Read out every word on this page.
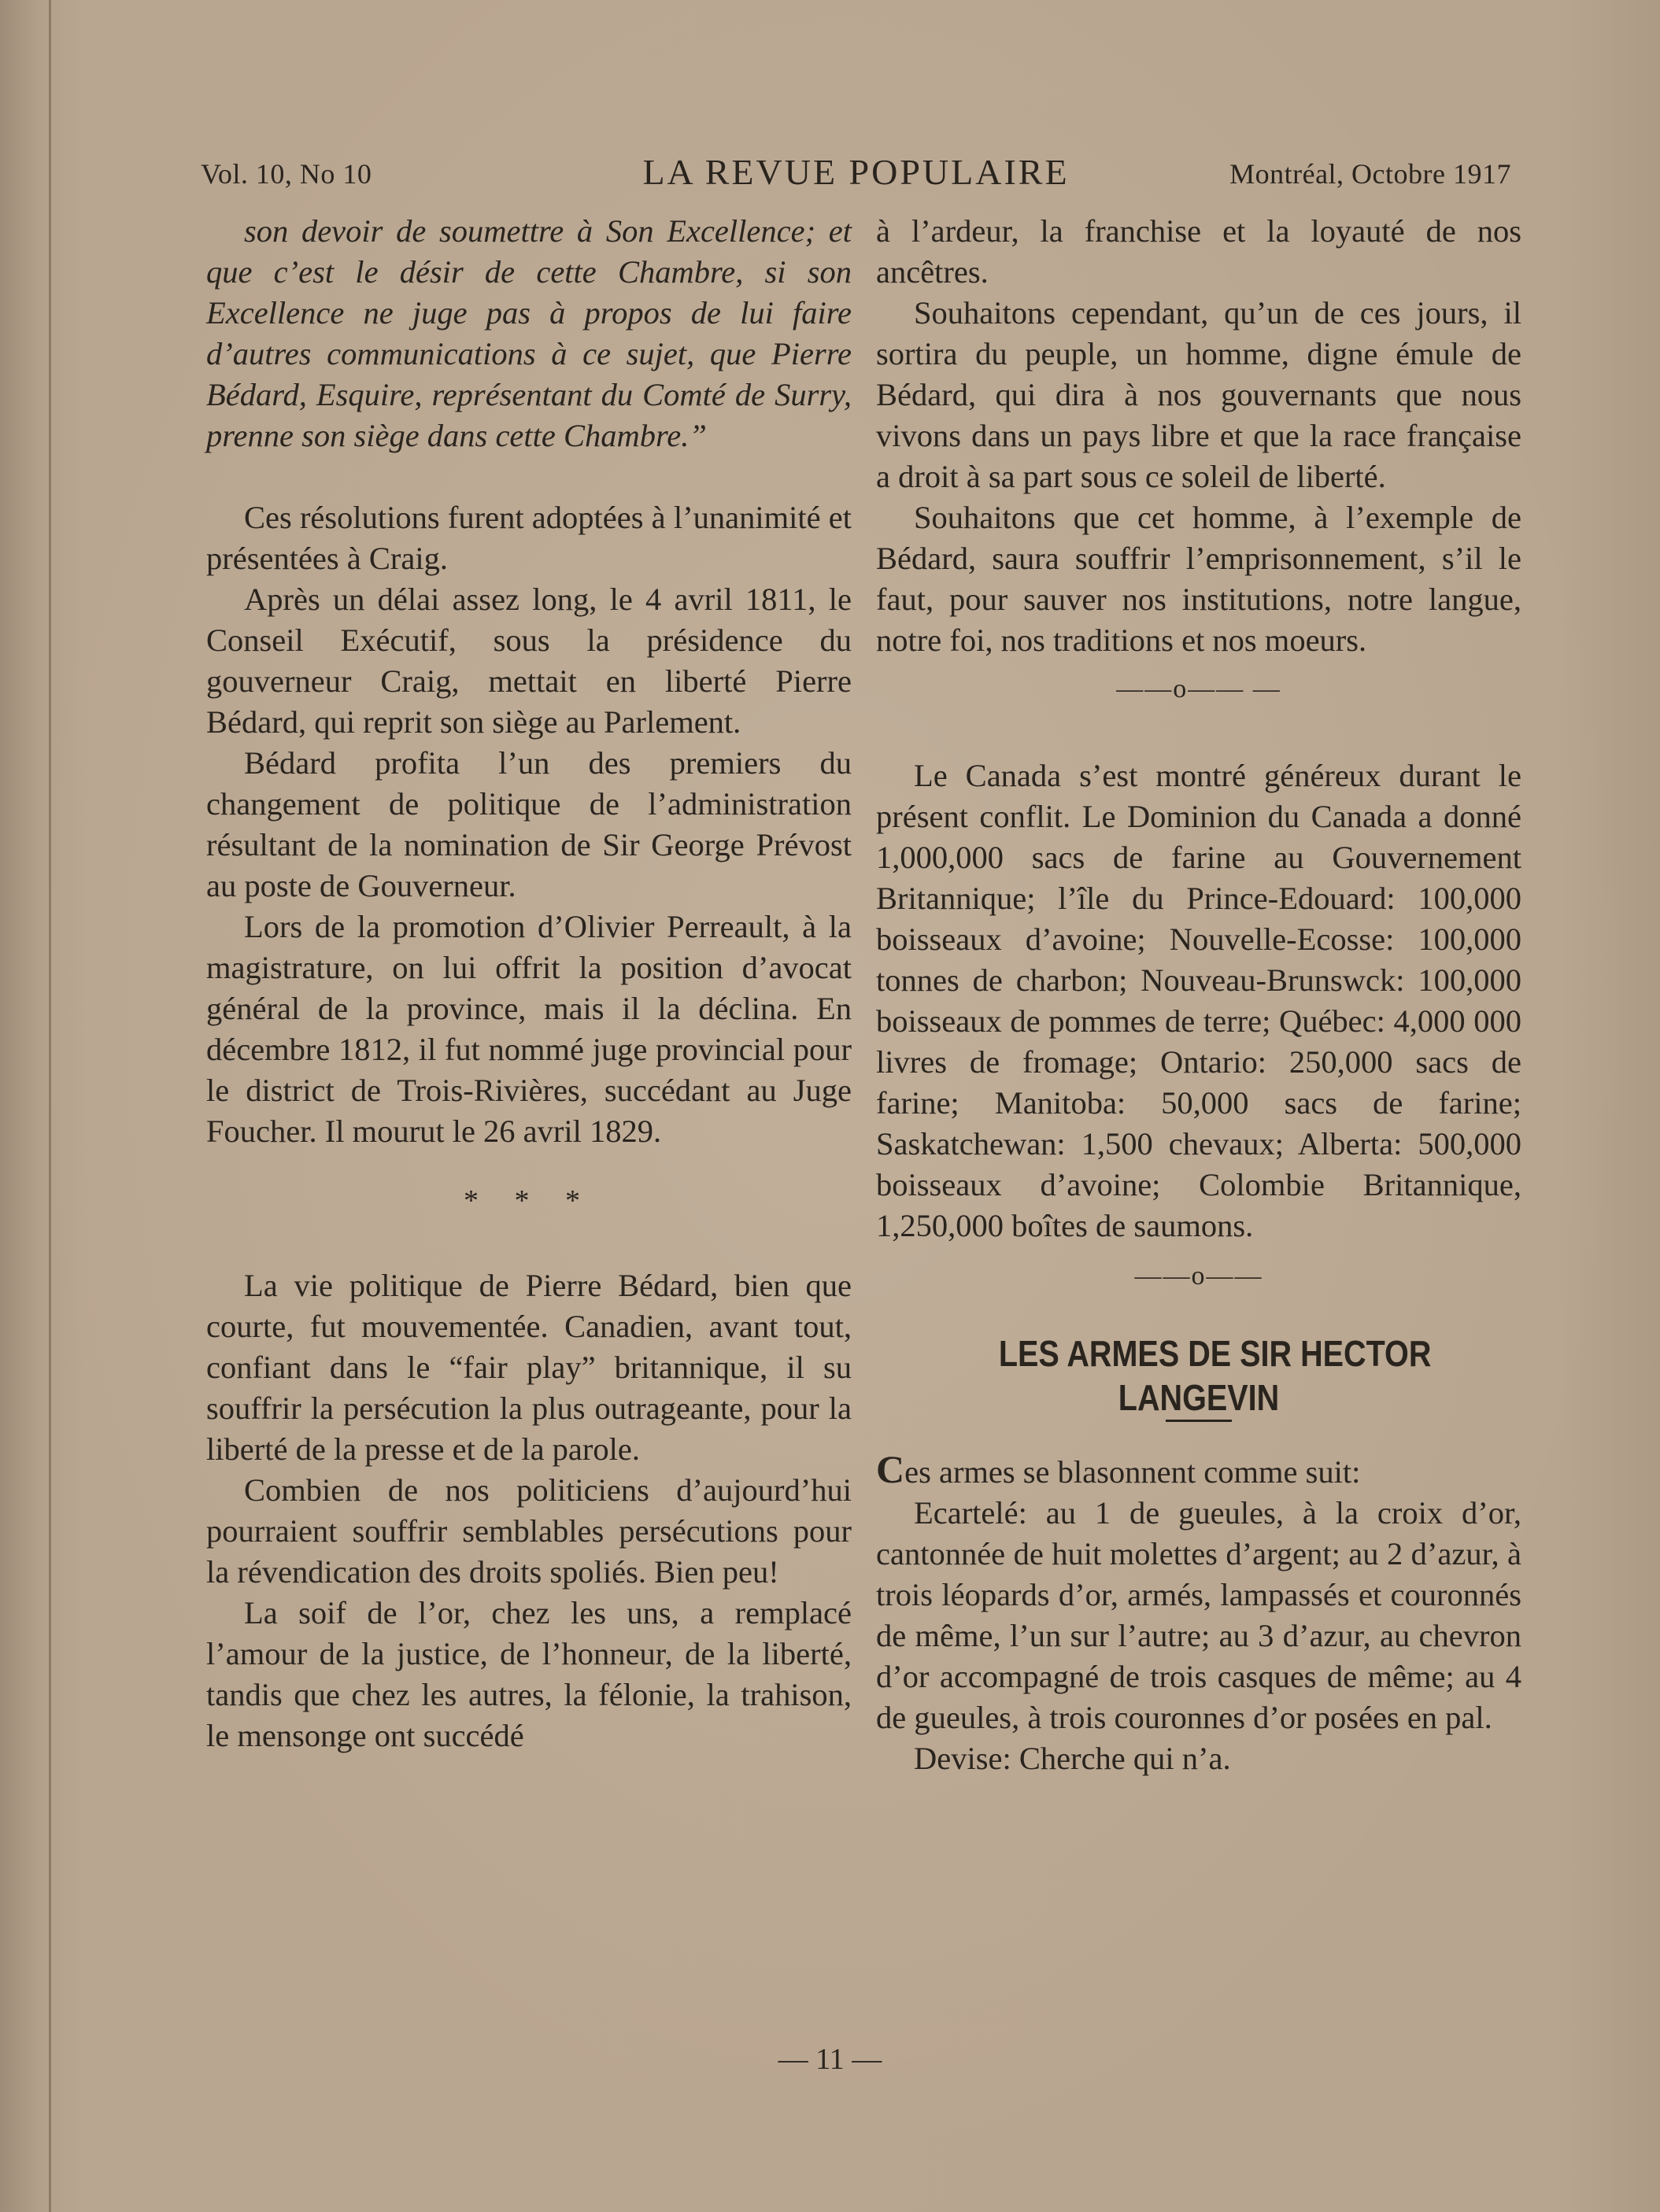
Vol. 10, No 10	LA REVUE POPULAIRE	Montréal, Octobre 1917

son devoir de soumettre à Son Excellence; et que c’est le désir de cette Chambre, si son Excellence ne juge pas à propos de lui faire d’autres communications à ce sujet, que Pierre Bédard, Esquire, représentant du Comté de Surry, prenne son siège dans cette Chambre.”

Ces résolutions furent adoptées à l’unanimité et présentées à Craig.

Après un délai assez long, le 4 avril 1811, le Conseil Exécutif, sous la présidence du gouverneur Craig, mettait en liberté Pierre Bédard, qui reprit son siège au Parlement.

Bédard profita l’un des premiers du changement de politique de l’administration résultant de la nomination de Sir George Prévost au poste de Gouverneur.

Lors de la promotion d’Olivier Perreault, à la magistrature, on lui offrit la position d’avocat général de la province, mais il la déclina. En décembre 1812, il fut nommé juge provincial pour le district de Trois-Rivières, succédant au Juge Foucher. Il mourut le 26 avril 1829.

* * *

La vie politique de Pierre Bédard, bien que courte, fut mouvementée. Canadien, avant tout, confiant dans le “fair play” britannique, il su souffrir la persécution la plus outrageante, pour la liberté de la presse et de la parole.

Combien de nos politiciens d’aujourd’hui pourraient souffrir semblables persécutions pour la révendication des droits spoliés. Bien peu!

La soif de l’or, chez les uns, a remplacé l’amour de la justice, de l’honneur, de la liberté, tandis que chez les autres, la félonie, la trahison, le mensonge ont succédé

à l’ardeur, la franchise et la loyauté de nos ancêtres.

Souhaitons cependant, qu’un de ces jours, il sortira du peuple, un homme, digne émule de Bédard, qui dira à nos gouvernants que nous vivons dans un pays libre et que la race française a droit à sa part sous ce soleil de liberté.

Souhaitons que cet homme, à l’exemple de Bédard, saura souffrir l’emprisonnement, s’il le faut, pour sauver nos institutions, notre langue, notre foi, nos traditions et nos moeurs.

——o—— —

Le Canada s’est montré généreux durant le présent conflit. Le Dominion du Canada a donné 1,000,000 sacs de farine au Gouvernement Britannique; l’île du Prince-Edouard: 100,000 boisseaux d’avoine; Nouvelle-Ecosse: 100,000 tonnes de charbon; Nouveau-Brunswck: 100,000 boisseaux de pommes de terre; Québec: 4,000 000 livres de fromage; Ontario: 250,000 sacs de farine; Manitoba: 50,000 sacs de farine; Saskatchewan: 1,500 chevaux; Alberta: 500,000 boisseaux d’avoine; Colombie Britannique, 1,250,000 boîtes de saumons.

——o——

LES ARMES DE SIR HECTOR LANGEVIN

Ces armes se blasonnent comme suit:

Ecartelé: au 1 de gueules, à la croix d’or, cantonnée de huit molettes d’argent; au 2 d’azur, à trois léopards d’or, armés, lampassés et couronnés de même, l’un sur l’autre; au 3 d’azur, au chevron d’or accompagné de trois casques de même; au 4 de gueules, à trois couronnes d’or posées en pal.

Devise: Cherche qui n’a.

— 11 —
